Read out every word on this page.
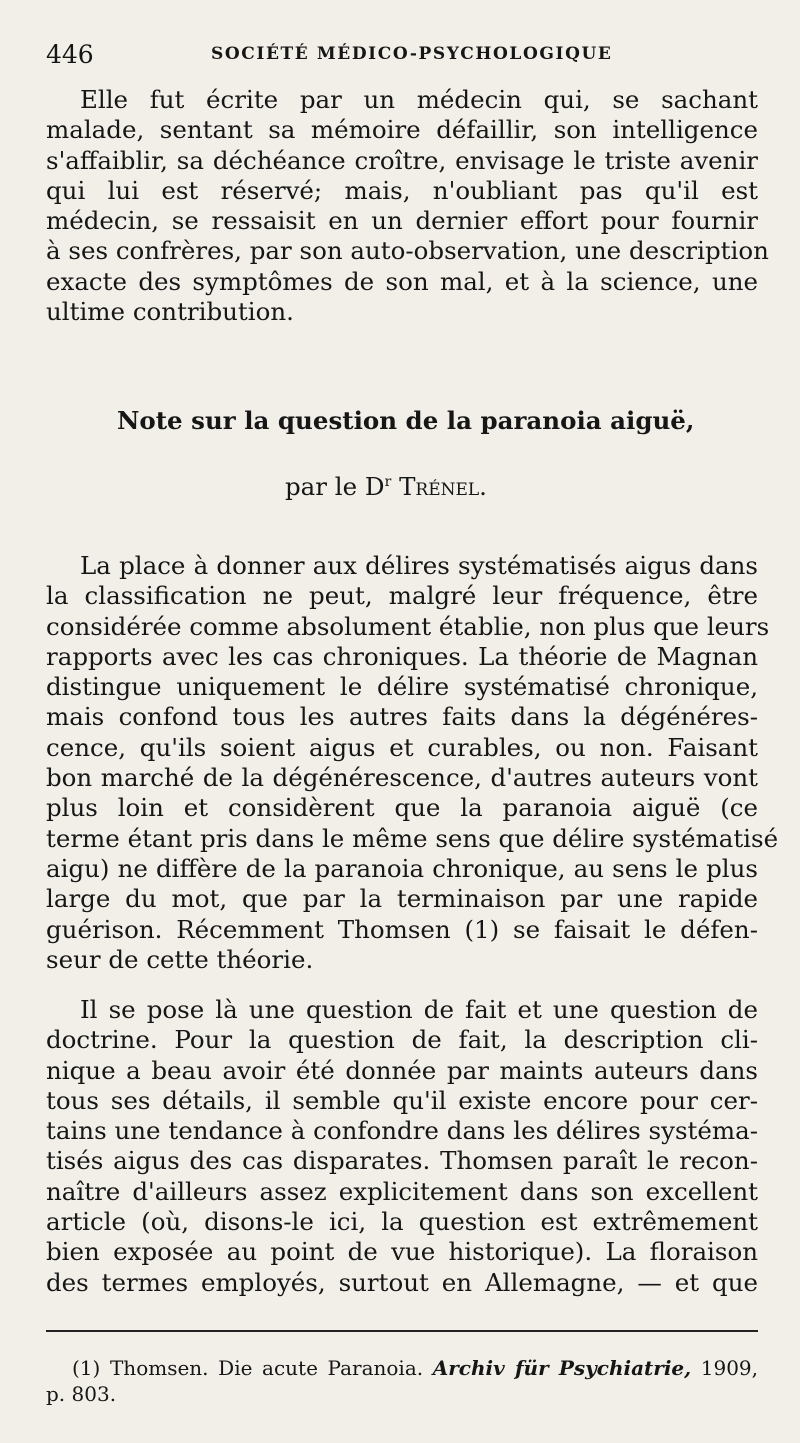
446	SOCIÉTÉ MÉDICO-PSYCHOLOGIQUE
Elle fut écrite par un médecin qui, se sachant
malade, sentant sa mémoire défaillir, son intelligence
s'affaiblir, sa déchéance croître, envisage le triste avenir
qui lui est réservé; mais, n'oubliant pas qu'il est
médecin, se ressaisit en un dernier effort pour fournir
à ses confrères, par son auto-observation, une description
exacte des symptômes de son mal, et à la science, une
ultime contribution.
Note sur la question de la paranoia aiguë,
par le $D^r$ Trénel.
La place à donner aux délires systématisés aigus dans
la classification ne peut, malgré leur fréquence, être
considérée comme absolument établie, non plus que leurs
rapports avec les cas chroniques. La théorie de Magnan
distingue uniquement le délire systématisé chronique,
mais confond tous les autres faits dans la dégénéres-
cence, qu'ils soient aigus et curables, ou non. Faisant
bon marché de la dégénérescence, d'autres auteurs vont
plus loin et considèrent que la paranoia aiguë (ce
terme étant pris dans le même sens que délire systématisé
aigu) ne diffère de la paranoia chronique, au sens le plus
large du mot, que par la terminaison par une rapide
guérison. Récemment Thomsen (1) se faisait le défen-
seur de cette théorie.
Il se pose là une question de fait et une question de
doctrine. Pour la question de fait, la description cli-
nique a beau avoir été donnée par maints auteurs dans
tous ses détails, il semble qu'il existe encore pour cer-
tains une tendance à confondre dans les délires systéma-
tisés aigus des cas disparates. Thomsen paraît le recon-
naître d'ailleurs assez explicitement dans son excellent
article (où, disons-le ici, la question est extrêmement
bien exposée au point de vue historique). La floraison
des termes employés, surtout en Allemagne, — et que
(1) Thomsen. Die acute Paranoia. Archiv für Psychiatrie, 1909,
p. 803.
